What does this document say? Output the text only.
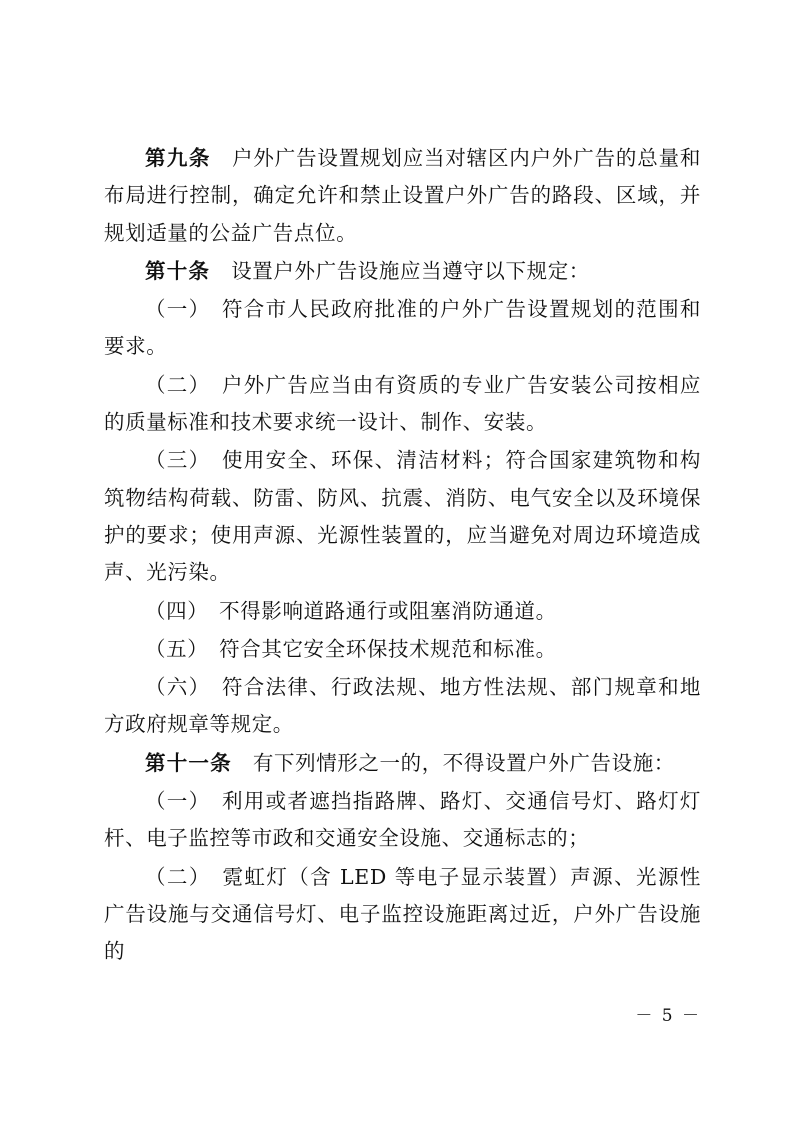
第九条　户外广告设置规划应当对辖区内户外广告的总量和布局进行控制，确定允许和禁止设置户外广告的路段、区域，并规划适量的公益广告点位。

第十条　设置户外广告设施应当遵守以下规定：

（一）　符合市人民政府批准的户外广告设置规划的范围和要求。

（二）　户外广告应当由有资质的专业广告安装公司按相应的质量标准和技术要求统一设计、制作、安装。

（三）　使用安全、环保、清洁材料；符合国家建筑物和构筑物结构荷载、防雷、防风、抗震、消防、电气安全以及环境保护的要求；使用声源、光源性装置的，应当避免对周边环境造成声、光污染。

（四）　不得影响道路通行或阻塞消防通道。

（五）　符合其它安全环保技术规范和标准。

（六）　符合法律、行政法规、地方性法规、部门规章和地方政府规章等规定。

第十一条　有下列情形之一的，不得设置户外广告设施：

（一）　利用或者遮挡指路牌、路灯、交通信号灯、路灯灯杆、电子监控等市政和交通安全设施、交通标志的；

（二）　霓虹灯（含 LED 等电子显示装置）声源、光源性广告设施与交通信号灯、电子监控设施距离过近，户外广告设施的

－ 5 －
